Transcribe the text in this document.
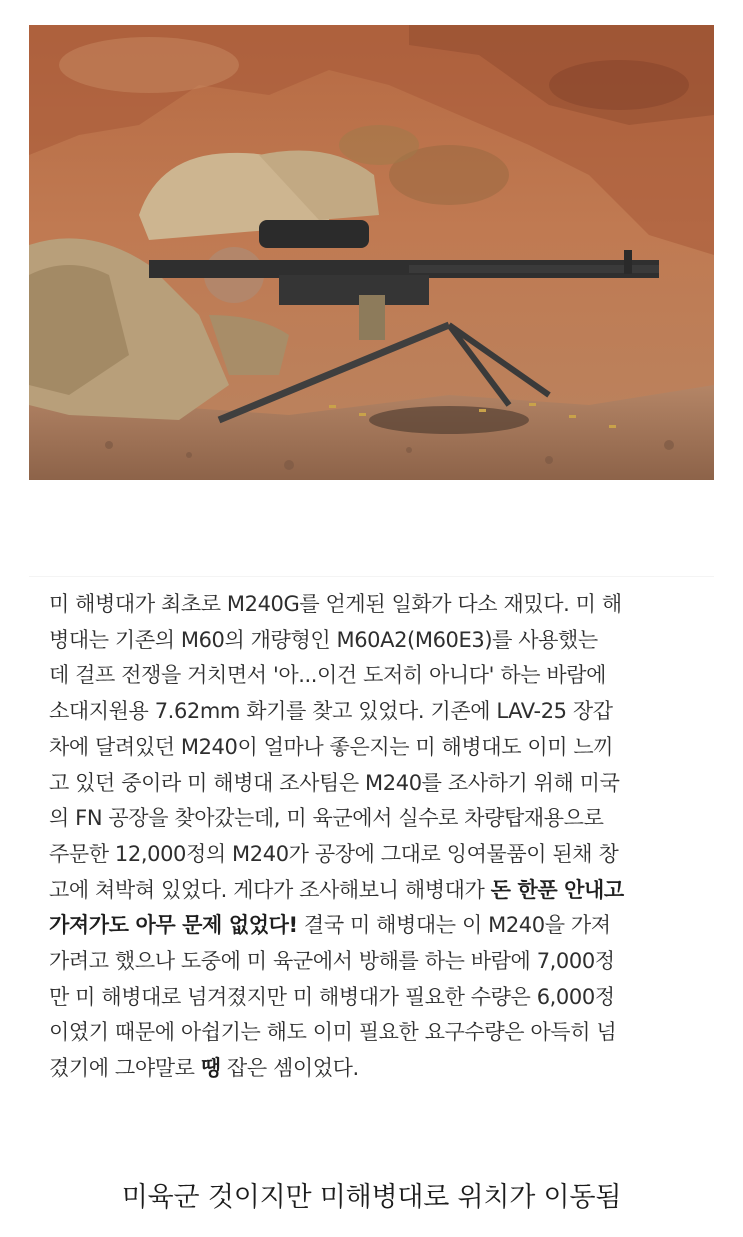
미 해병대가 최초로 M240G를 얻게된 일화가 다소 재밌다. 미 해
병대는 기존의 M60의 개량형인 M60A2(M60E3)를 사용했는
데 걸프 전쟁을 거치면서 '아...이건 도저히 아니다' 하는 바람에
소대지원용 7.62mm 화기를 찾고 있었다. 기존에 LAV-25 장갑
차에 달려있던 M240이 얼마나 좋은지는 미 해병대도 이미 느끼
고 있던 중이라 미 해병대 조사팀은 M240를 조사하기 위해 미국
의 FN 공장을 찾아갔는데, 미 육군에서 실수로 차량탑재용으로
주문한 12,000정의 M240가 공장에 그대로 잉여물품이 된채 창
고에 쳐박혀 있었다. 게다가 조사해보니 해병대가 돈 한푼 안내고
가져가도 아무 문제 없었다! 결국 미 해병대는 이 M240을 가져
가려고 했으나 도중에 미 육군에서 방해를 하는 바람에 7,000정
만 미 해병대로 넘겨졌지만 미 해병대가 필요한 수량은 6,000정
이였기 때문에 아쉽기는 해도 이미 필요한 요구수량은 아득히 넘
겼기에 그야말로 땡 잡은 셈이었다.
미육군 것이지만 미해병대로 위치가 이동됨
